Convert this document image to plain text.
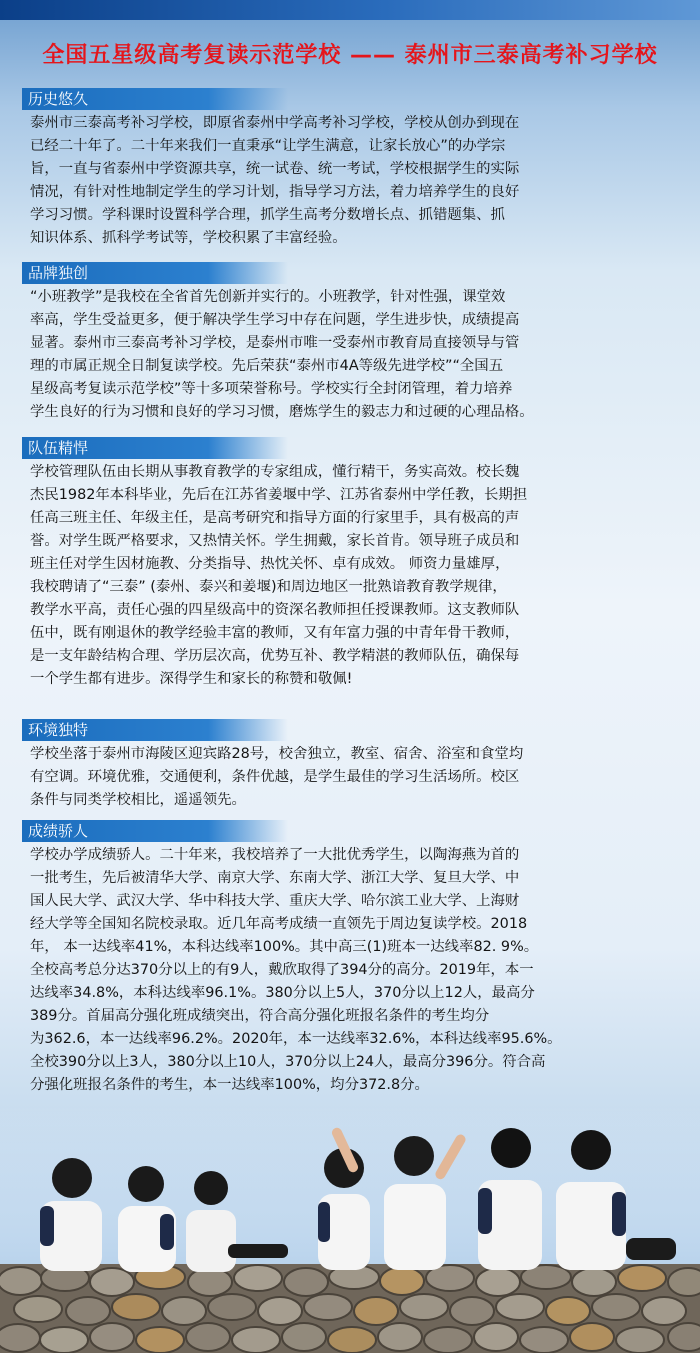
全国五星级高考复读示范学校 —— 泰州市三泰高考补习学校
历史悠久

泰州市三泰高考补习学校，即原省泰州中学高考补习学校，学校从创办到现在

已经二十年了。二十年来我们一直秉承“让学生满意，让家长放心”的办学宗

旨，一直与省泰州中学资源共享，统一试卷、统一考试，学校根据学生的实际

情况，有针对性地制定学生的学习计划，指导学习方法，着力培养学生的良好

学习习惯。学科课时设置科学合理，抓学生高考分数增长点、抓错题集、抓

知识体系、抓科学考试等，学校积累了丰富经验。

品牌独创

“小班教学”是我校在全省首先创新并实行的。小班教学，针对性强，课堂效

率高，学生受益更多，便于解决学生学习中存在问题，学生进步快，成绩提高

显著。泰州市三泰高考补习学校，是泰州市唯一受泰州市教育局直接领导与管

理的市属正规全日制复读学校。先后荣获“泰州市4A等级先进学校”“全国五

星级高考复读示范学校”等十多项荣誉称号。学校实行全封闭管理，着力培养

学生良好的行为习惯和良好的学习习惯，磨炼学生的毅志力和过硬的心理品格。

队伍精悍

学校管理队伍由长期从事教育教学的专家组成，懂行精干，务实高效。校长魏

杰民1982年本科毕业，先后在江苏省姜堰中学、江苏省泰州中学任教，长期担

任高三班主任、年级主任，是高考研究和指导方面的行家里手，具有极高的声

誉。对学生既严格要求，又热情关怀。学生拥戴，家长首肯。领导班子成员和

班主任对学生因材施教、分类指导、热忱关怀、卓有成效。 师资力量雄厚，

我校聘请了“三泰” (泰州、泰兴和姜堰)和周边地区一批熟谙教育教学规律，

教学水平高，责任心强的四星级高中的资深名教师担任授课教师。这支教师队

伍中，既有刚退休的教学经验丰富的教师，又有年富力强的中青年骨干教师，

是一支年龄结构合理、学历层次高，优势互补、教学精湛的教师队伍，确保每

一个学生都有进步。深得学生和家长的称赞和敬佩!

环境独特

学校坐落于泰州市海陵区迎宾路28号，校舍独立，教室、宿舍、浴室和食堂均

有空调。环境优雅，交通便利，条件优越，是学生最佳的学习生活场所。校区

条件与同类学校相比，遥遥领先。

成绩骄人

学校办学成绩骄人。二十年来，我校培养了一大批优秀学生，以陶海燕为首的

一批考生，先后被清华大学、南京大学、东南大学、浙江大学、复旦大学、中

国人民大学、武汉大学、华中科技大学、重庆大学、哈尔滨工业大学、上海财

经大学等全国知名院校录取。近几年高考成绩一直领先于周边复读学校。2018

年， 本一达线率41%，本科达线率100%。其中高三(1)班本一达线率82. 9%。

全校高考总分达370分以上的有9人，戴欣取得了394分的高分。2019年，本一

达线率34.8%，本科达线率96.1%。380分以上5人，370分以上12人，最高分

389分。首届高分强化班成绩突出，符合高分强化班报名条件的考生均分

为362.6，本一达线率96.2%。2020年，本一达线率32.6%，本科达线率95.6%。

全校390分以上3人，380分以上10人，370分以上24人，最高分396分。符合高

分强化班报名条件的考生，本一达线率100%，均分372.8分。
